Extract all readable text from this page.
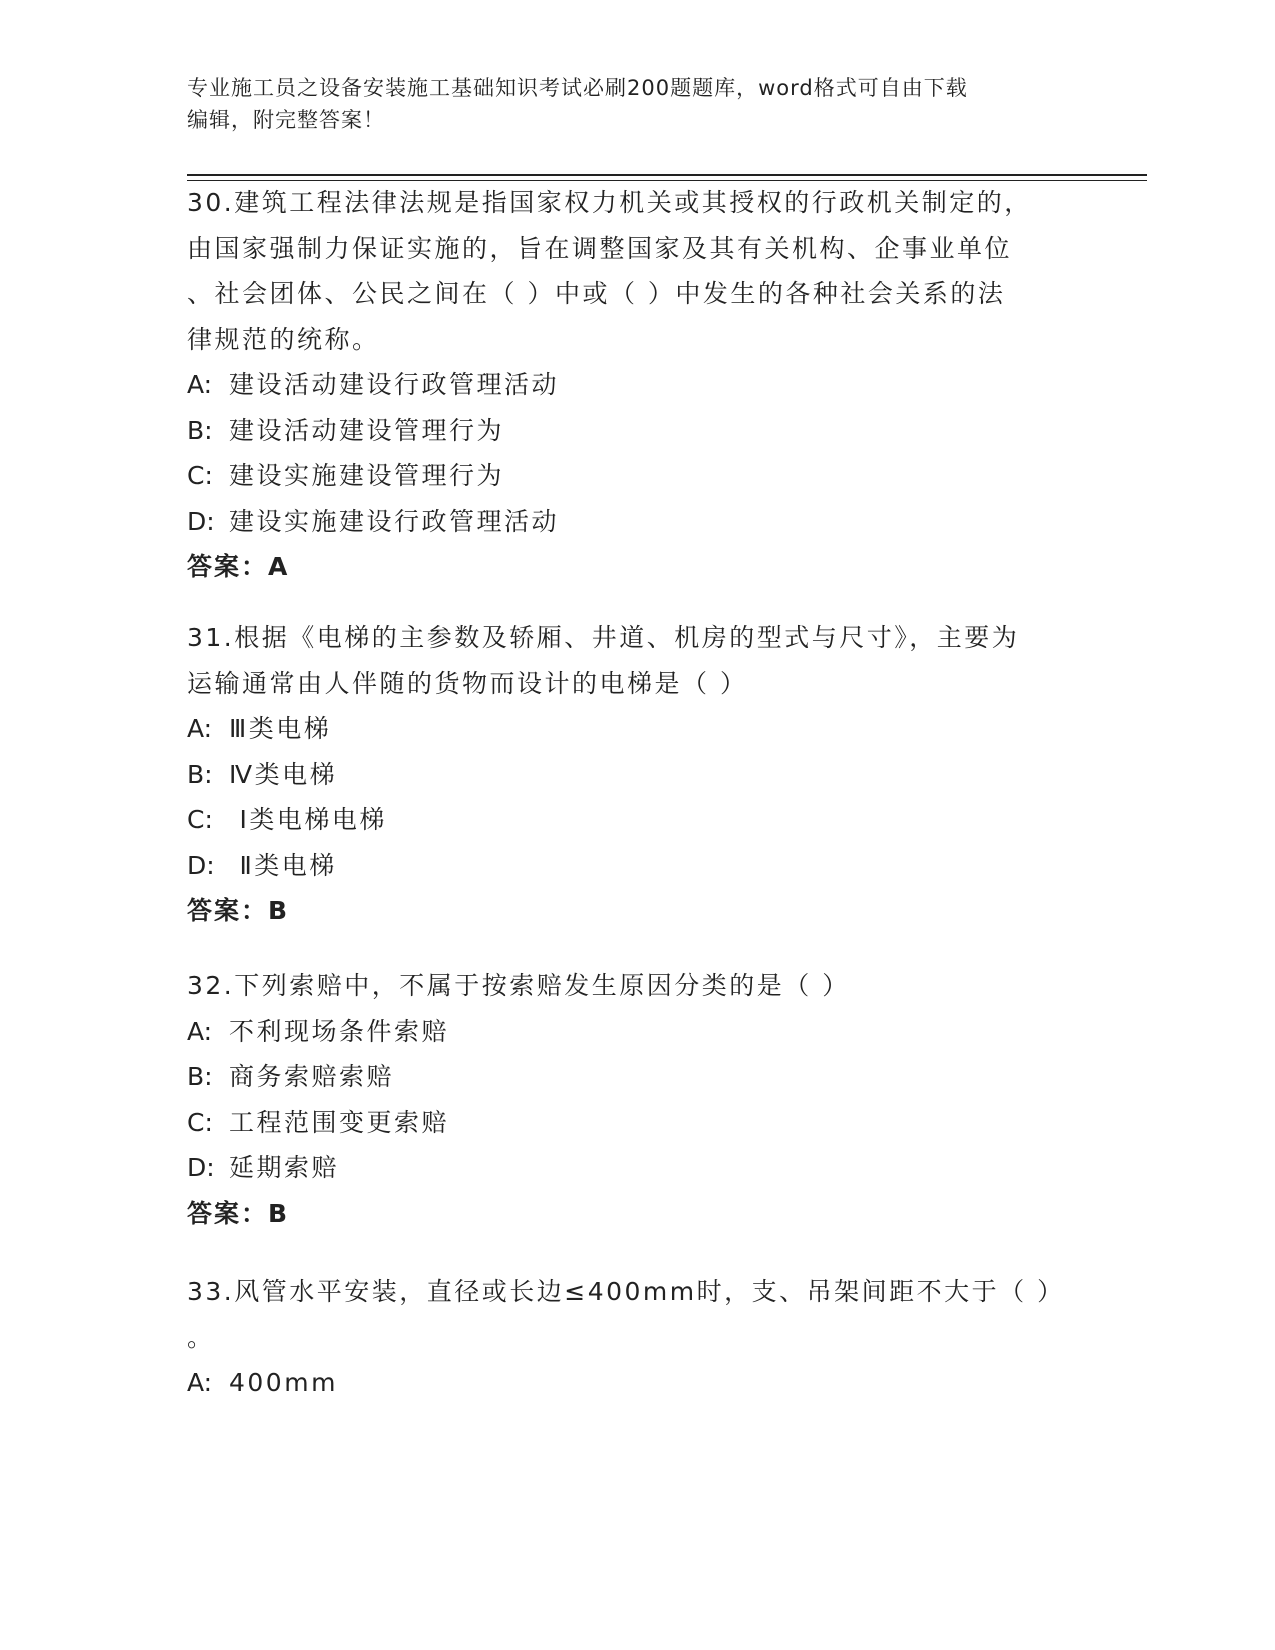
专业施工员之设备安装施工基础知识考试必刷200题题库，word格式可自由下载
编辑，附完整答案！
30.建筑工程法律法规是指国家权力机关或其授权的行政机关制定的，
由国家强制力保证实施的，旨在调整国家及其有关机构、企事业单位
、社会团体、公民之间在（ ）中或（ ）中发生的各种社会关系的法
律规范的统称。
A: 建设活动建设行政管理活动
B: 建设活动建设管理行为
C: 建设实施建设管理行为
D: 建设实施建设行政管理活动
答案：A
31.根据《电梯的主参数及轿厢、井道、机房的型式与尺寸》，主要为
运输通常由人伴随的货物而设计的电梯是（ ）
A: Ⅲ类电梯
B: Ⅳ类电梯
C: Ⅰ类电梯电梯
D: Ⅱ类电梯
答案：B
32.下列索赔中，不属于按索赔发生原因分类的是（ ）
A: 不利现场条件索赔
B: 商务索赔索赔
C: 工程范围变更索赔
D: 延期索赔
答案：B
33.风管水平安装，直径或长边≤400mm时，支、吊架间距不大于（ ）
。
A: 400mm
